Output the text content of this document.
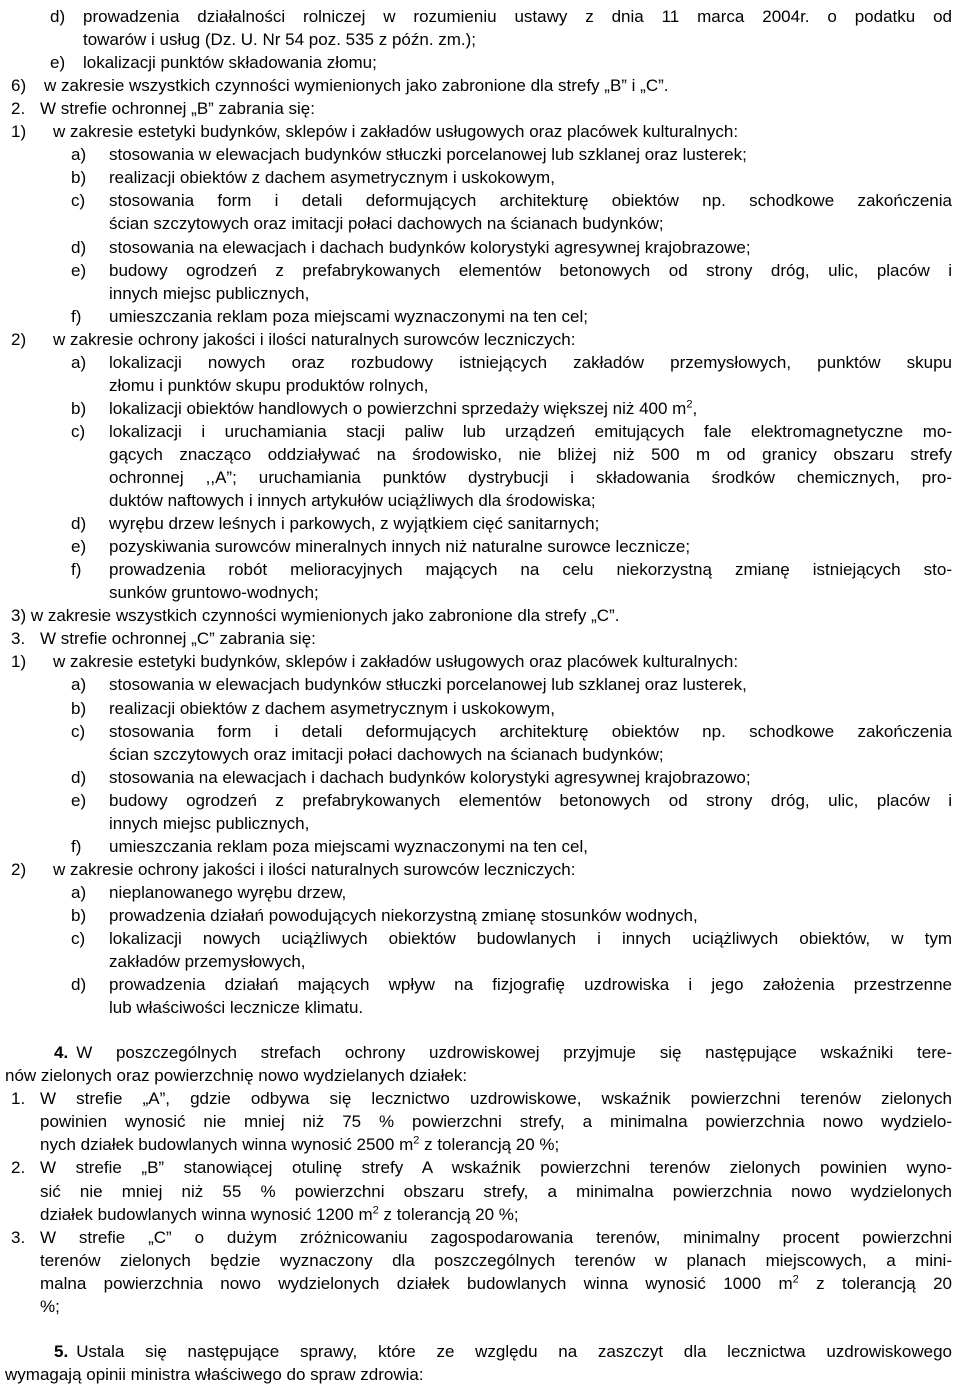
d)	prowadzenia działalności rolniczej w rozumieniu ustawy z dnia 11 marca 2004r. o podatku od
towarów i usług (Dz. U. Nr 54 poz. 535 z późn. zm.);
e)	lokalizacji punktów składowania złomu;
6)	w zakresie wszystkich czynności wymienionych jako zabronione dla strefy „B” i „C”.
2. W strefie ochronnej „B” zabrania się:
1)	w zakresie estetyki budynków, sklepów i zakładów usługowych oraz placówek kulturalnych:
a)	stosowania w elewacjach budynków stłuczki porcelanowej lub szklanej oraz lusterek;
b)	realizacji obiektów z dachem asymetrycznym i uskokowym,
c)	stosowania form i detali deformujących architekturę obiektów np. schodkowe zakończenia
ścian szczytowych oraz imitacji połaci dachowych na ścianach budynków;
d)	stosowania na elewacjach i dachach budynków kolorystyki agresywnej krajobrazowe;
e)	budowy ogrodzeń z prefabrykowanych elementów betonowych od strony dróg, ulic, placów i
innych miejsc publicznych,
f)	umieszczania reklam poza miejscami wyznaczonymi na ten cel;
2)	w zakresie ochrony jakości i ilości naturalnych surowców leczniczych:
a)	lokalizacji nowych oraz rozbudowy istniejących zakładów przemysłowych, punktów skupu
złomu i punktów skupu produktów rolnych,
b)	lokalizacji obiektów handlowych o powierzchni sprzedaży większej niż 400 $m^2$,
c)	lokalizacji i uruchamiania stacji paliw lub urządzeń emitujących fale elektromagnetyczne mo-
gących znacząco oddziaływać na środowisko, nie bliżej niż 500 m od granicy obszaru strefy
ochronnej ,,A”; uruchamiania punktów dystrybucji i składowania środków chemicznych, pro-
duktów naftowych i innych artykułów uciążliwych dla środowiska;
d)	wyrębu drzew leśnych i parkowych, z wyjątkiem cięć sanitarnych;
e)	pozyskiwania surowców mineralnych innych niż naturalne surowce lecznicze;
f)	prowadzenia robót melioracyjnych mających na celu niekorzystną zmianę istniejących sto-
sunków gruntowo-wodnych;
3) w zakresie wszystkich czynności wymienionych jako zabronione dla strefy „C”.
3. W strefie ochronnej „C” zabrania się:
1)	w zakresie estetyki budynków, sklepów i zakładów usługowych oraz placówek kulturalnych:
a)	stosowania w elewacjach budynków stłuczki porcelanowej lub szklanej oraz lusterek,
b)	realizacji obiektów z dachem asymetrycznym i uskokowym,
c)	stosowania form i detali deformujących architekturę obiektów np. schodkowe zakończenia
ścian szczytowych oraz imitacji połaci dachowych na ścianach budynków;
d)	stosowania na elewacjach i dachach budynków kolorystyki agresywnej krajobrazowo;
e)	budowy ogrodzeń z prefabrykowanych elementów betonowych od strony dróg, ulic, placów i
innych miejsc publicznych,
f)	umieszczania reklam poza miejscami wyznaczonymi na ten cel,
2)	w zakresie ochrony jakości i ilości naturalnych surowców leczniczych:
a)	nieplanowanego wyrębu drzew,
b)	prowadzenia działań powodujących niekorzystną zmianę stosunków wodnych,
c)	lokalizacji nowych uciążliwych obiektów budowlanych i innych uciążliwych obiektów, w tym
zakładów przemysłowych,
d)	prowadzenia działań mających wpływ na fizjografię uzdrowiska i jego założenia przestrzenne
lub właściwości lecznicze klimatu.
4. W poszczególnych strefach ochrony uzdrowiskowej przyjmuje się następujące wskaźniki tere-
nów zielonych oraz powierzchnię nowo wydzielanych działek:
1. W strefie „A”, gdzie odbywa się lecznictwo uzdrowiskowe, wskaźnik powierzchni terenów zielonych
powinien wynosić nie mniej niż 75 % powierzchni strefy, a minimalna powierzchnia nowo wydzielo-
nych działek budowlanych winna wynosić 2500 $m^2$ z tolerancją 20 %;
2. W strefie „B” stanowiącej otulinę strefy A wskaźnik powierzchni terenów zielonych powinien wyno-
sić nie mniej niż 55 % powierzchni obszaru strefy, a minimalna powierzchnia nowo wydzielonych
działek budowlanych winna wynosić 1200 $m^2$ z tolerancją 20 %;
3. W strefie „C” o dużym zróżnicowaniu zagospodarowania terenów, minimalny procent powierzchni
terenów zielonych będzie wyznaczony dla poszczególnych terenów w planach miejscowych, a mini-
malna powierzchnia nowo wydzielonych działek budowlanych winna wynosić 1000 $m^2$ z tolerancją 20
%;
5. Ustala się następujące sprawy, które ze względu na zaszczyt dla lecznictwa uzdrowiskowego
wymagają opinii ministra właściwego do spraw zdrowia:
